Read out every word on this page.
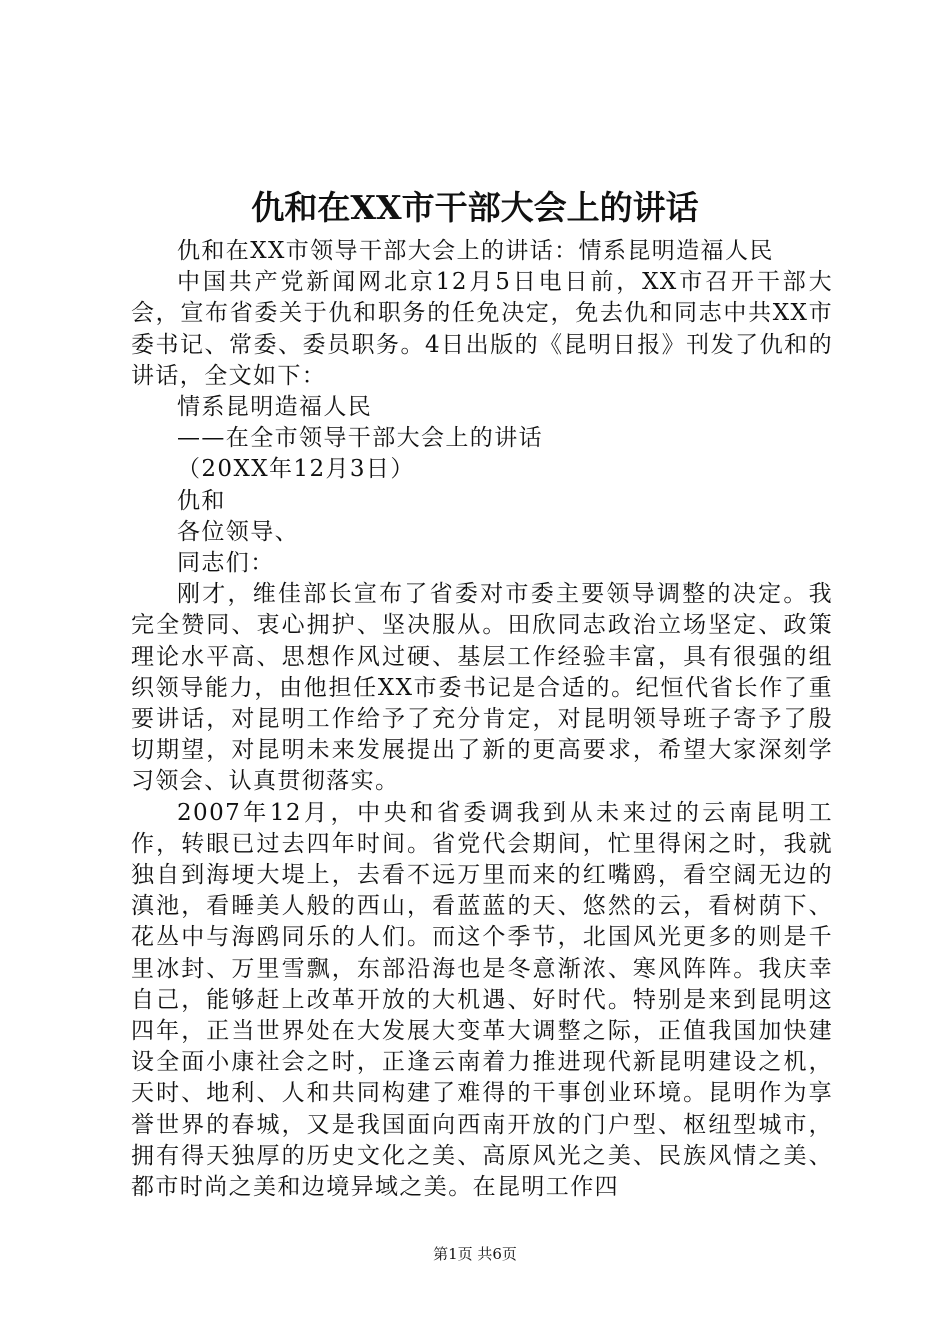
仇和在XX市干部大会上的讲话

仇和在XX市领导干部大会上的讲话：情系昆明造福人民

中国共产党新闻网北京12月5日电日前，XX市召开干部大会，宣布省委关于仇和职务的任免决定，免去仇和同志中共XX市委书记、常委、委员职务。4日出版的《昆明日报》刊发了仇和的讲话，全文如下：

情系昆明造福人民

——在全市领导干部大会上的讲话

（20XX年12月3日）

仇和

各位领导、

同志们：

刚才，维佳部长宣布了省委对市委主要领导调整的决定。我完全赞同、衷心拥护、坚决服从。田欣同志政治立场坚定、政策理论水平高、思想作风过硬、基层工作经验丰富，具有很强的组织领导能力，由他担任XX市委书记是合适的。纪恒代省长作了重要讲话，对昆明工作给予了充分肯定，对昆明领导班子寄予了殷切期望，对昆明未来发展提出了新的更高要求，希望大家深刻学习领会、认真贯彻落实。

2007年12月，中央和省委调我到从未来过的云南昆明工作，转眼已过去四年时间。省党代会期间，忙里得闲之时，我就独自到海埂大堤上，去看不远万里而来的红嘴鸥，看空阔无边的滇池，看睡美人般的西山，看蓝蓝的天、悠然的云，看树荫下、花丛中与海鸥同乐的人们。而这个季节，北国风光更多的则是千里冰封、万里雪飘，东部沿海也是冬意渐浓、寒风阵阵。我庆幸自己，能够赶上改革开放的大机遇、好时代。特别是来到昆明这四年，正当世界处在大发展大变革大调整之际，正值我国加快建设全面小康社会之时，正逢云南着力推进现代新昆明建设之机，天时、地利、人和共同构建了难得的干事创业环境。昆明作为享誉世界的春城，又是我国面向西南开放的门户型、枢纽型城市，拥有得天独厚的历史文化之美、高原风光之美、民族风情之美、都市时尚之美和边境异域之美。在昆明工作四

第1页 共6页
